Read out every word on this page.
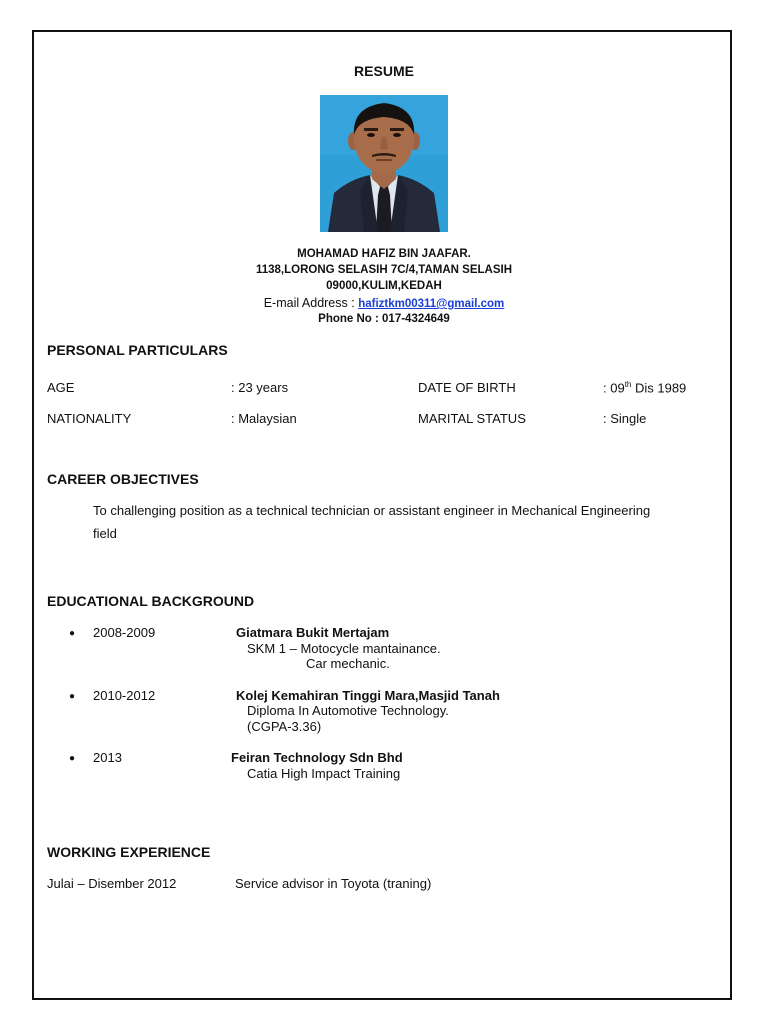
RESUME
MOHAMAD HAFIZ BIN JAAFAR.
1138,LORONG SELASIH 7C/4,TAMAN SELASIH
09000,KULIM,KEDAH
E-mail Address : hafiztkm00311@gmail.com
Phone No : 017-4324649
PERSONAL PARTICULARS
AGE	: 23 years	DATE OF BIRTH	: 09th Dis 1989
NATIONALITY	: Malaysian	MARITAL STATUS	: Single
CAREER OBJECTIVES
To challenging position as a technical technician or assistant engineer in Mechanical Engineering
field
EDUCATIONAL BACKGROUND
● 2008-2009	Giatmara Bukit Mertajam
SKM 1 – Motocycle mantainance.
Car mechanic.
● 2010-2012	Kolej Kemahiran Tinggi Mara,Masjid Tanah
Diploma In Automotive Technology.
(CGPA-3.36)
● 2013	Feiran Technology Sdn Bhd
Catia High Impact Training
WORKING EXPERIENCE
Julai – Disember 2012	Service advisor in Toyota (traning)
